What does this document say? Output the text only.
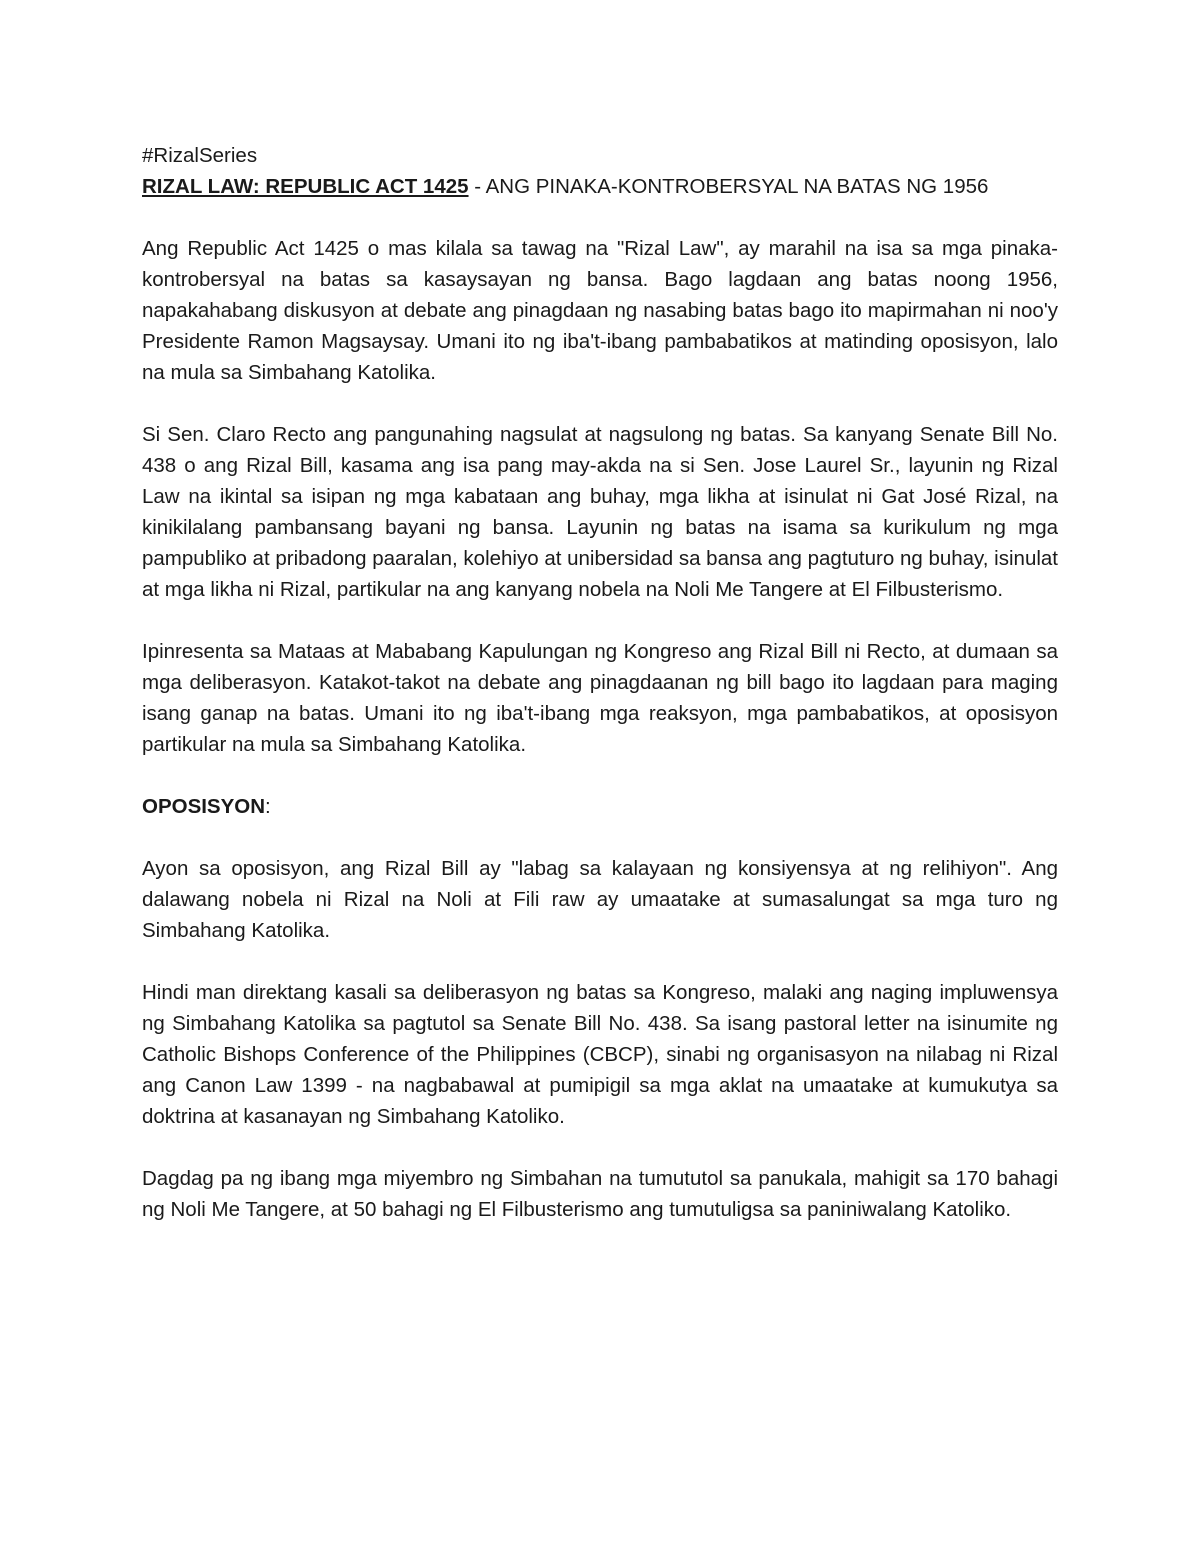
#RizalSeries
RIZAL LAW: REPUBLIC ACT 1425 - ANG PINAKA-KONTROBERSYAL NA BATAS NG 1956

Ang Republic Act 1425 o mas kilala sa tawag na "Rizal Law", ay marahil na isa sa mga pinaka-kontrobersyal na batas sa kasaysayan ng bansa. Bago lagdaan ang batas noong 1956, napakahabang diskusyon at debate ang pinagdaan ng nasabing batas bago ito mapirmahan ni noo'y Presidente Ramon Magsaysay. Umani ito ng iba't-ibang pambabatikos at matinding oposisyon, lalo na mula sa Simbahang Katolika.

Si Sen. Claro Recto ang pangunahing nagsulat at nagsulong ng batas. Sa kanyang Senate Bill No. 438 o ang Rizal Bill, kasama ang isa pang may-akda na si Sen. Jose Laurel Sr., layunin ng Rizal Law na ikintal sa isipan ng mga kabataan ang buhay, mga likha at isinulat ni Gat José Rizal, na kinikilalang pambansang bayani ng bansa. Layunin ng batas na isama sa kurikulum ng mga pampubliko at pribadong paaralan, kolehiyo at unibersidad sa bansa ang pagtuturo ng buhay, isinulat at mga likha ni Rizal, partikular na ang kanyang nobela na Noli Me Tangere at El Filbusterismo.

Ipinresenta sa Mataas at Mababang Kapulungan ng Kongreso ang Rizal Bill ni Recto, at dumaan sa mga deliberasyon. Katakot-takot na debate ang pinagdaanan ng bill bago ito lagdaan para maging isang ganap na batas. Umani ito ng iba't-ibang mga reaksyon, mga pambabatikos, at oposisyon partikular na mula sa Simbahang Katolika.

OPOSISYON:

Ayon sa oposisyon, ang Rizal Bill ay "labag sa kalayaan ng konsiyensya at ng relihiyon". Ang dalawang nobela ni Rizal na Noli at Fili raw ay umaatake at sumasalungat sa mga turo ng Simbahang Katolika.

Hindi man direktang kasali sa deliberasyon ng batas sa Kongreso, malaki ang naging impluwensya ng Simbahang Katolika sa pagtutol sa Senate Bill No. 438. Sa isang pastoral letter na isinumite ng Catholic Bishops Conference of the Philippines (CBCP), sinabi ng organisasyon na nilabag ni Rizal ang Canon Law 1399 - na nagbabawal at pumipigil sa mga aklat na umaatake at kumukutya sa doktrina at kasanayan ng Simbahang Katoliko.

Dagdag pa ng ibang mga miyembro ng Simbahan na tumututol sa panukala, mahigit sa 170 bahagi ng Noli Me Tangere, at 50 bahagi ng El Filbusterismo ang tumutuligsa sa paniniwalang Katoliko.
